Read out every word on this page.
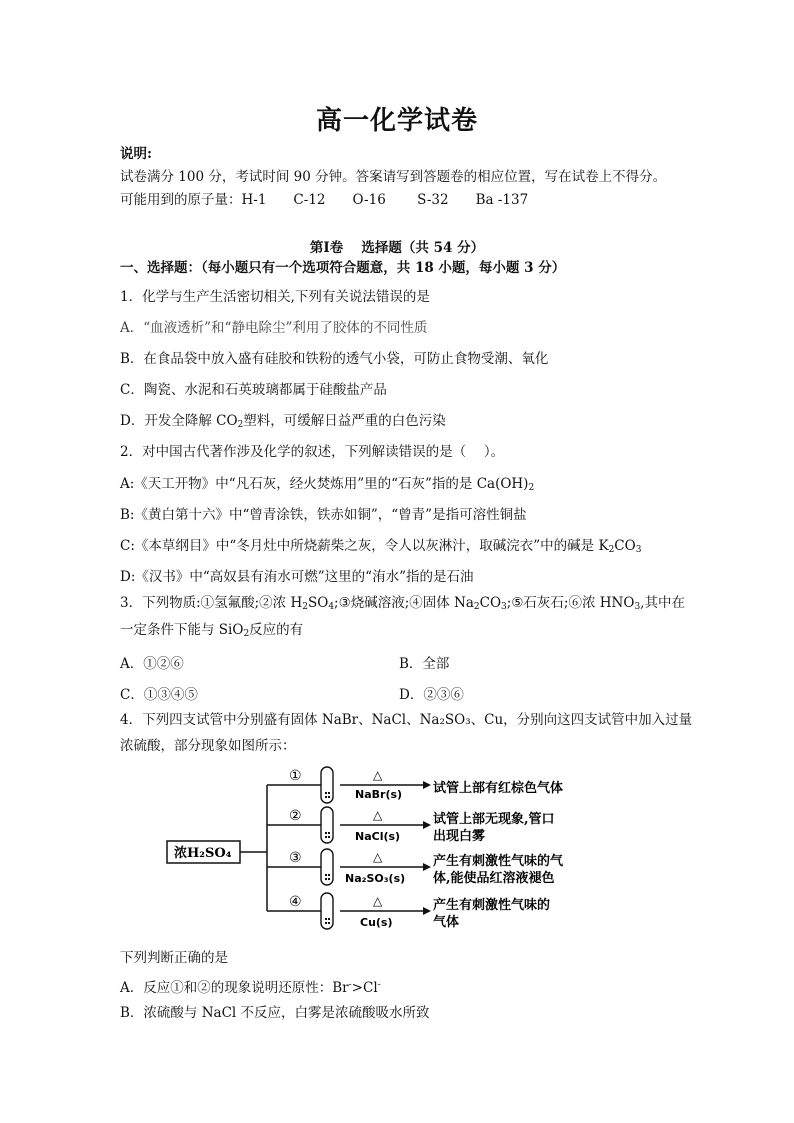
高一化学试卷
说明:
试卷满分 100 分，考试时间 90 分钟。答案请写到答题卷的相应位置，写在试卷上不得分。
可能用到的原子量：H-1　　C-12　　O-16　　 S-32　　Ba -137
第Ⅰ卷　 选择题（共 54 分）
一、选择题：（每小题只有一个选项符合题意，共 18 小题，每小题 3 分）
1．化学与生产生活密切相关,下列有关说法错误的是
A．“血液透析”和“静电除尘”利用了胶体的不同性质
B．在食品袋中放入盛有硅胶和铁粉的透气小袋，可防止食物受潮、氧化
C．陶瓷、水泥和石英玻璃都属于硅酸盐产品
D．开发全降解 $CO_2$塑料，可缓解日益严重的白色污染
2．对中国古代著作涉及化学的叙述，下列解读错误的是（　 ）。
A:《天工开物》中“凡石灰，经火焚炼用”里的“石灰”指的是 $Ca(OH)_2$
B:《黄白第十六》中“曾青涂铁，铁赤如铜”，“曾青”是指可溶性铜盐
C:《本草纲目》中“冬月灶中所烧薪柴之灰，令人以灰淋汁，取碱浣衣”中的碱是 $K_2CO_3$
D:《汉书》中“高奴县有洧水可燃”这里的“洧水”指的是石油
3．下列物质:①氢氟酸;②浓 $H_2SO_4;③$烧碱溶液;④固体 $Na_2CO_3;⑤$石灰石;⑥浓 $HNO_3$,其中在
一定条件下能与 SiO$_2$反应的有
A．①②⑥	B．全部
C．①③④⑤	D．②③⑥
4．下列四支试管中分别盛有固体 NaBr、NaCl、Na₂SO₃、Cu，分别向这四支试管中加入过量
浓硫酸，部分现象如图所示：
浓H₂SO₄
①	△
NaBr(s) 试管上部有红棕色气体
②	△
NaCl(s)
试管上部无现象,管口
出现白雾
③	△
Na₂SO₃(s)
产生有刺激性气味的气
体,能使品红溶液褪色
④	△
Cu(s)
产生有刺激性气味的
气体
下列判断正确的是
A．反应①和②的现象说明还原性：Br->Cl-
B．浓硫酸与 NaCl 不反应，白雾是浓硫酸吸水所致
